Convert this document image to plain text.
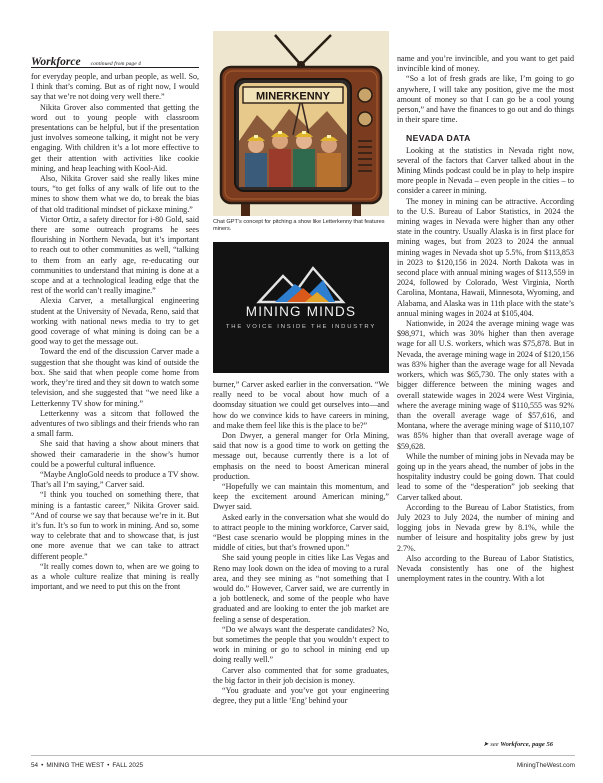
Workforce continued from page 4

for everyday people, and urban people, as well. So, I think that’s coming. But as of right now, I would say that we’re not doing very well there.”

Nikita Grover also commented that getting the word out to young people with classroom presentations can be helpful, but if the presentation just involves someone talking, it might not be very engaging. With children it’s a lot more effective to get their attention with activities like cookie mining, and heap leaching with Kool-Aid.

Also, Nikita Grover said she really likes mine tours, “to get folks of any walk of life out to the mines to show them what we do, to break the bias of that old traditional mindset of pickaxe mining.”

Victor Ortiz, a safety director for i-80 Gold, said there are some outreach programs he sees flourishing in Northern Nevada, but it’s important to reach out to other communities as well, “talking to them from an early age, re-educating our communities to understand that mining is done at a scope and at a technological leading edge that the rest of the world can’t really imagine.”

Alexia Carver, a metallurgical engineering student at the University of Nevada, Reno, said that working with national news media to try to get good coverage of what mining is doing can be a good way to get the message out.

Toward the end of the discussion Carver made a suggestion that she thought was kind of outside the box. She said that when people come home from work, they’re tired and they sit down to watch some television, and she suggested that “we need like a Letterkenny TV show for mining.”

Letterkenny was a sitcom that followed the adventures of two siblings and their friends who ran a small farm.

She said that having a show about miners that showed their camaraderie in the show’s humor could be a powerful cultural influence.

“Maybe AngloGold needs to produce a TV show. That’s all I’m saying,” Carver said.

“I think you touched on something there, that mining is a fantastic career,” Nikita Grover said. “And of course we say that because we’re in it. But it’s fun. It’s so fun to work in mining. And so, some way to celebrate that and to showcase that, is just one more avenue that we can take to attract different people.”

“It really comes down to, when are we going to as a whole culture realize that mining is really important, and we need to put this on the front

MINERKENNY
Chat GPT’s concept for pitching a show like Letterkenny that features miners.
MINING MINDS
THE VOICE INSIDE THE INDUSTRY

burner,” Carver asked earlier in the conversation. “We really need to be vocal about how much of a doomsday situation we could get ourselves into—and how do we convince kids to have careers in mining, and make them feel like this is the place to be?”

Don Dwyer, a general manger for Orla Mining, said that now is a good time to work on getting the message out, because currently there is a lot of emphasis on the need to boost American mineral production.

“Hopefully we can maintain this momentum, and keep the excitement around American mining,” Dwyer said.

Asked early in the conversation what she would do to attract people to the mining workforce, Carver said, “Best case scenario would be plopping mines in the middle of cities, but that’s frowned upon.”

She said young people in cities like Las Vegas and Reno may look down on the idea of moving to a rural area, and they see mining as “not something that I would do.” However, Carver said, we are currently in a job bottleneck, and some of the people who have graduated and are looking to enter the job market are feeling a sense of desperation.

“Do we always want the desperate candidates? No, but sometimes the people that you wouldn’t expect to work in mining or go to school in mining end up doing really well.”

Carver also commented that for some graduates, the big factor in their job decision is money.

“You graduate and you’ve got your engineering degree, they put a little ‘Eng’ behind your

name and you’re invincible, and you want to get paid invincible kind of money.

“So a lot of fresh grads are like, I’m going to go anywhere, I will take any position, give me the most amount of money so that I can go be a cool young person,” and have the finances to go out and do things in their spare time.

NEVADA DATA

Looking at the statistics in Nevada right now, several of the factors that Carver talked about in the Mining Minds podcast could be in play to help inspire more people in Nevada – even people in the cities – to consider a career in mining.

The money in mining can be attractive. According to the U.S. Bureau of Labor Statistics, in 2024 the mining wages in Nevada were higher than any other state in the country. Usually Alaska is in first place for mining wages, but from 2023 to 2024 the annual mining wages in Nevada shot up 5.5%, from $113,853 in 2023 to $120,156 in 2024. North Dakota was in second place with annual mining wages of $113,559 in 2024, followed by Colorado, West Virginia, North Carolina, Montana, Hawaii, Minnesota, Wyoming, and Alabama, and Alaska was in 11th place with the state’s annual mining wages in 2024 at $105,404.

Nationwide, in 2024 the average mining wage was $98,971, which was 30% higher than then average wage for all U.S. workers, which was $75,878. But in Nevada, the average mining wage in 2024 of $120,156 was 83% higher than the average wage for all Nevada workers, which was $65,730. The only states with a bigger difference between the mining wages and overall statewide wages in 2024 were West Virginia, where the average mining wage of $110,555 was 92% than the overall average wage of $57,616, and Montana, where the average mining wage of $110,107 was 85% higher than that overall average wage of $59,628.

While the number of mining jobs in Nevada may be going up in the years ahead, the number of jobs in the hospitality industry could be going down. That could lead to some of the “desperation” job seeking that Carver talked about.

According to the Bureau of Labor Statistics, from July 2023 to July 2024, the number of mining and logging jobs in Nevada grew by 8.1%, while the number of leisure and hospitality jobs grew by just 2.7%.

Also according to the Bureau of Labor Statistics, Nevada consistently has one of the highest unemployment rates in the country. With a lot

➤ see Workforce, page 56
54 • MINING THE WEST • FALL 2025	MiningTheWest.com
